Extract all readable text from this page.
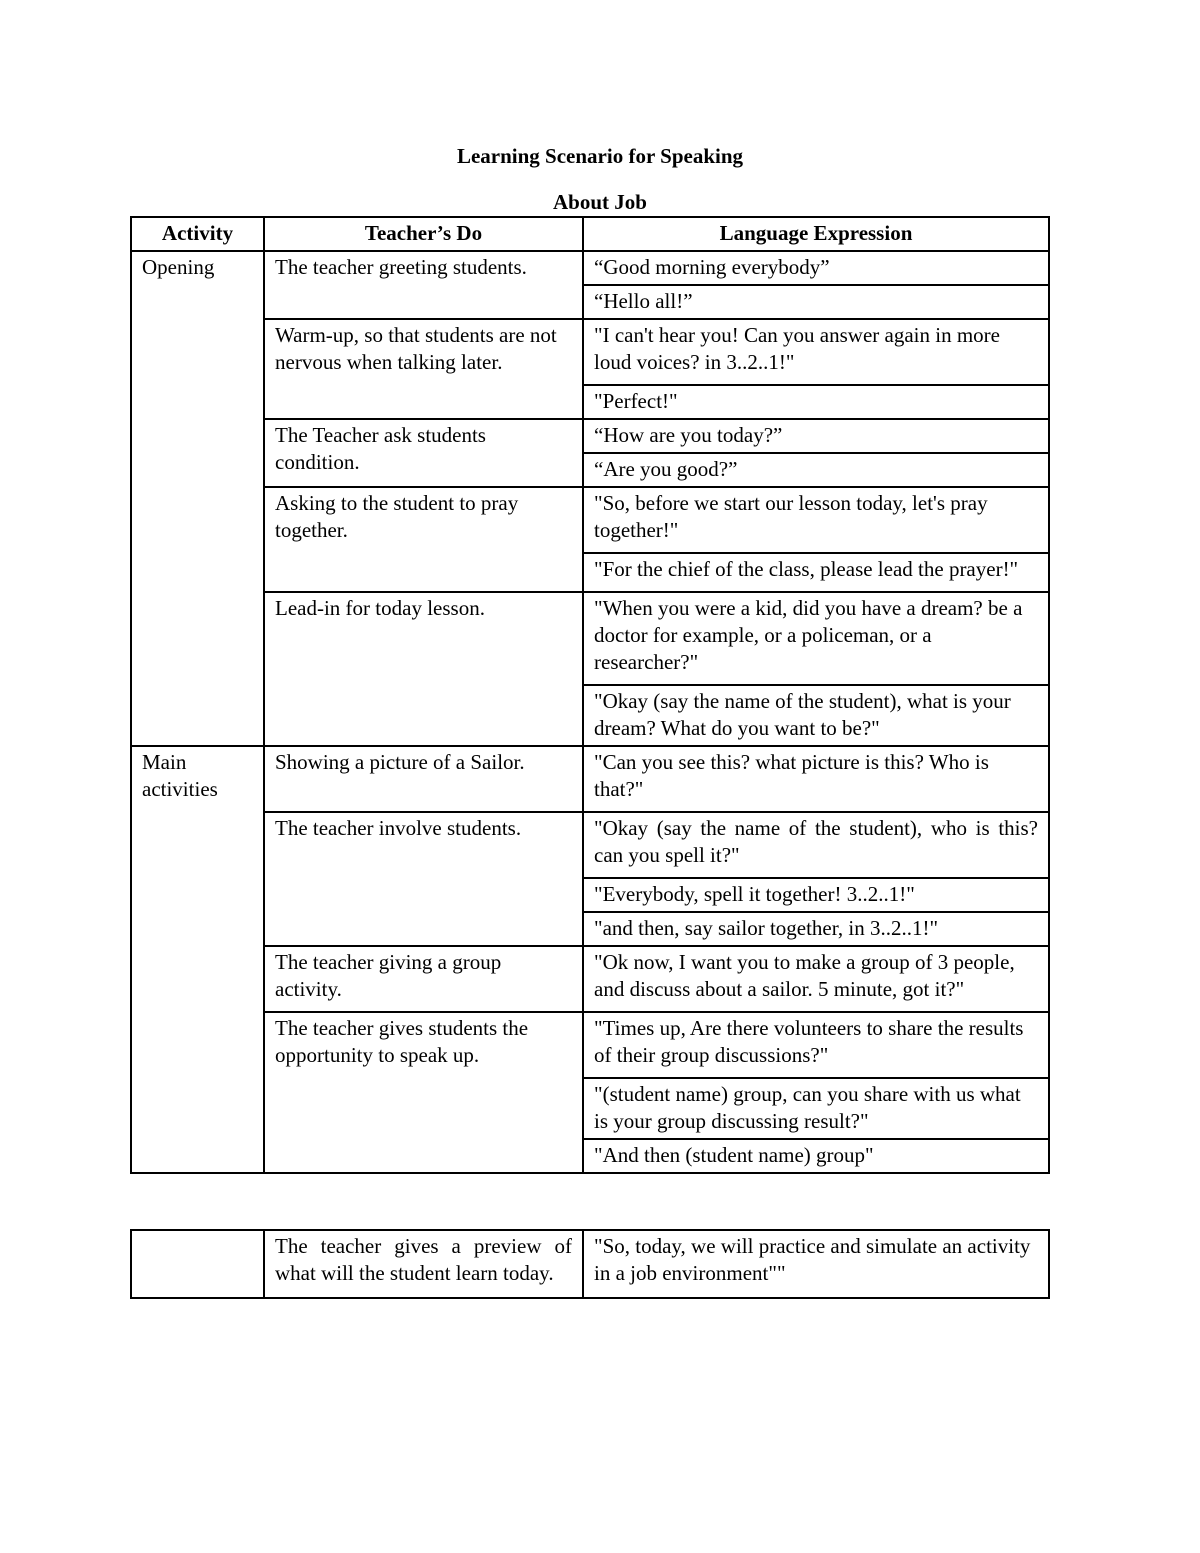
Learning Scenario for Speaking
About Job
Activity	Teacher’s Do	Language Expression
Opening	The teacher greeting students.	“Good morning everybody”
		“Hello all!”
	Warm-up, so that students are not nervous when talking later.	"I can't hear you! Can you answer again in more loud voices? in 3..2..1!"
		"Perfect!"
	The Teacher ask students condition.	“How are you today?”
		“Are you good?”
	Asking to the student to pray together.	"So, before we start our lesson today, let's pray together!"
		"For the chief of the class, please lead the prayer!"
	Lead-in for today lesson.	"When you were a kid, did you have a dream? be a doctor for example, or a policeman, or a researcher?"
		"Okay (say the name of the student), what is your dream? What do you want to be?"
Main activities	Showing a picture of a Sailor.	"Can you see this? what picture is this? Who is that?"
	The teacher involve students.	"Okay (say the name of the student), who is this? can you spell it?"
		"Everybody, spell it together! 3..2..1!"
		"and then, say sailor together, in 3..2..1!"
	The teacher giving a group activity.	"Ok now, I want you to make a group of 3 people, and discuss about a sailor. 5 minute, got it?"
	The teacher gives students the opportunity to speak up.	"Times up, Are there volunteers to share the results of their group discussions?"
		"(student name) group, can you share with us what is your group discussing result?"
		"And then (student name) group"
	The teacher gives a preview of what will the student learn today.	"So, today, we will practice and simulate an activity in a job environment""
